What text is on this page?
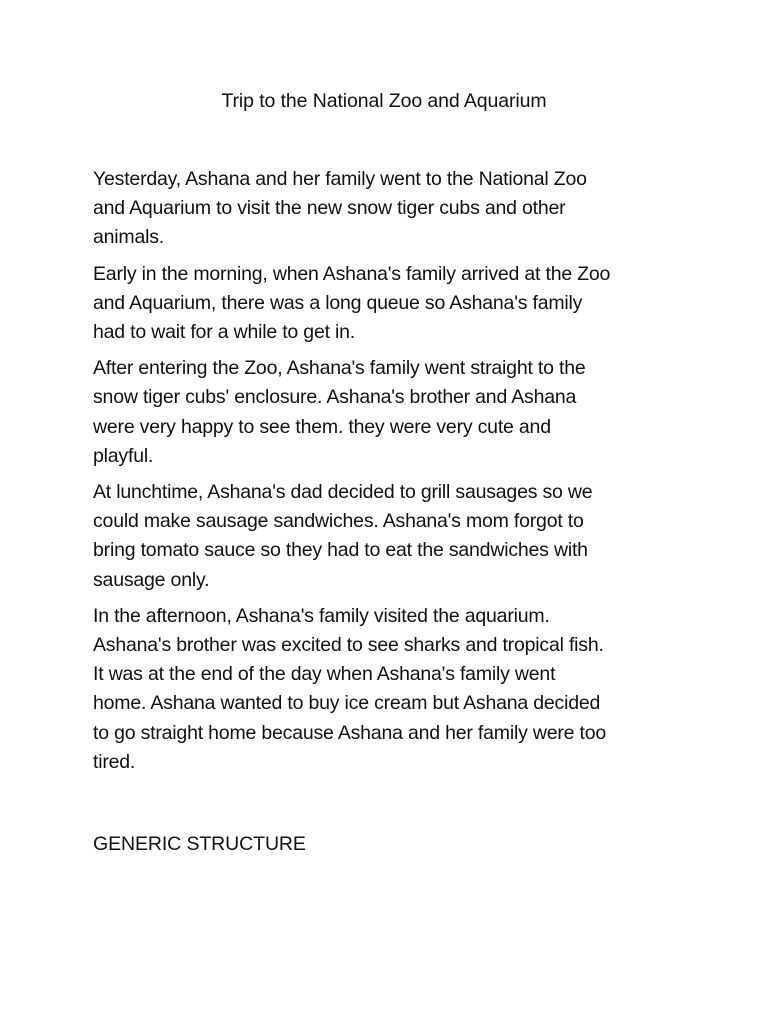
Trip to the National Zoo and Aquarium

Yesterday, Ashana and her family went to the National Zoo
and Aquarium to visit the new snow tiger cubs and other
animals.

Early in the morning, when Ashana's family arrived at the Zoo
and Aquarium, there was a long queue so Ashana's family
had to wait for a while to get in.

After entering the Zoo, Ashana's family went straight to the
snow tiger cubs' enclosure. Ashana's brother and Ashana
were very happy to see them. they were very cute and
playful.

At lunchtime, Ashana's dad decided to grill sausages so we
could make sausage sandwiches. Ashana's mom forgot to
bring tomato sauce so they had to eat the sandwiches with
sausage only.

In the afternoon, Ashana's family visited the aquarium.
Ashana's brother was excited to see sharks and tropical fish.
It was at the end of the day when Ashana's family went
home. Ashana wanted to buy ice cream but Ashana decided
to go straight home because Ashana and her family were too
tired.

GENERIC STRUCTURE
